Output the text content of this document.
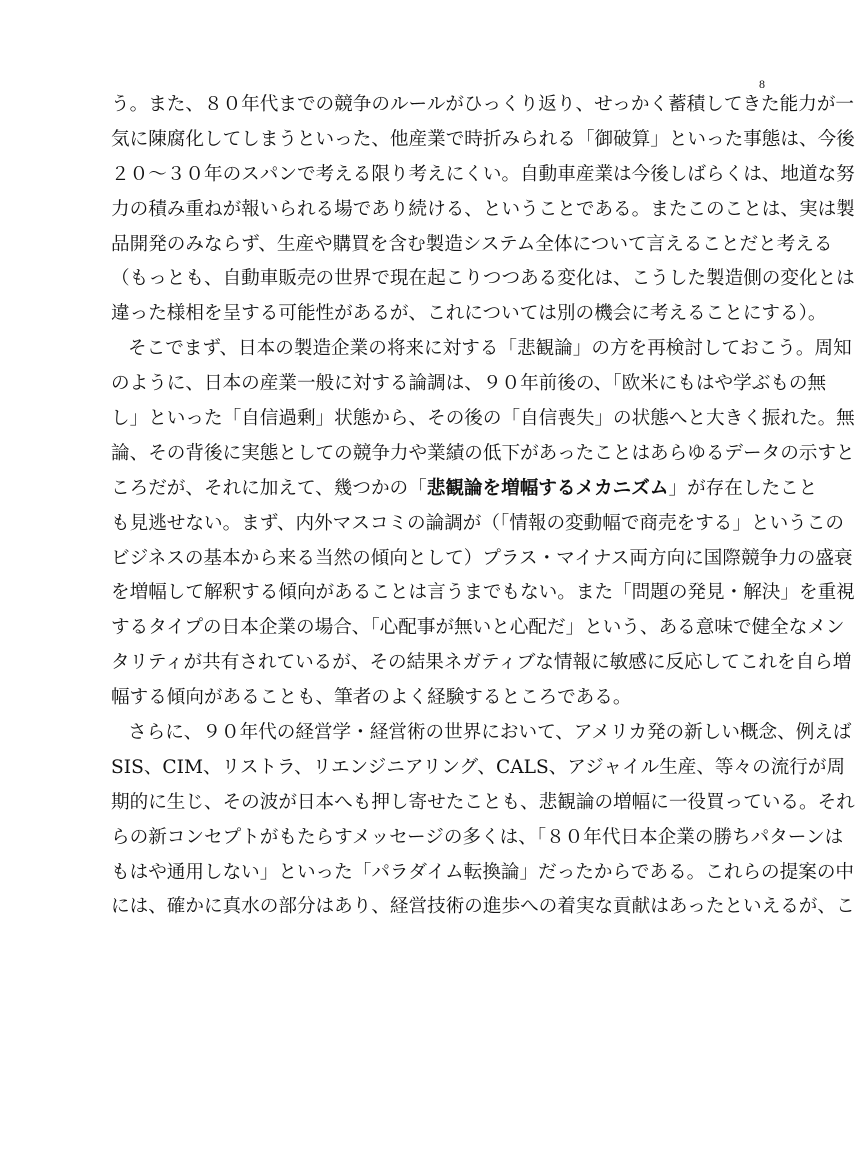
8
う。また、８０年代までの競争のルールがひっくり返り、せっかく蓄積してきた能力が一
気に陳腐化してしまうといった、他産業で時折みられる「御破算」といった事態は、今後
２０～３０年のスパンで考える限り考えにくい。自動車産業は今後しばらくは、地道な努
力の積み重ねが報いられる場であり続ける、ということである。またこのことは、実は製
品開発のみならず、生産や購買を含む製造システム全体について言えることだと考える
（もっとも、自動車販売の世界で現在起こりつつある変化は、こうした製造側の変化とは
違った様相を呈する可能性があるが、これについては別の機会に考えることにする）。
そこでまず、日本の製造企業の将来に対する「悲観論」の方を再検討しておこう。周知
のように、日本の産業一般に対する論調は、９０年前後の、「欧米にもはや学ぶもの無
し」といった「自信過剰」状態から、その後の「自信喪失」の状態へと大きく振れた。無
論、その背後に実態としての競争力や業績の低下があったことはあらゆるデータの示すと
ころだが、それに加えて、幾つかの「悲観論を増幅するメカニズム」が存在したこと
も見逃せない。まず、内外マスコミの論調が（「情報の変動幅で商売をする」というこの
ビジネスの基本から来る当然の傾向として）プラス・マイナス両方向に国際競争力の盛衰
を増幅して解釈する傾向があることは言うまでもない。また「問題の発見・解決」を重視
するタイプの日本企業の場合、「心配事が無いと心配だ」という、ある意味で健全なメン
タリティが共有されているが、その結果ネガティブな情報に敏感に反応してこれを自ら増
幅する傾向があることも、筆者のよく経験するところである。
さらに、９０年代の経営学・経営術の世界において、アメリカ発の新しい概念、例えば
SIS、CIM、リストラ、リエンジニアリング、CALS、アジャイル生産、等々の流行が周
期的に生じ、その波が日本へも押し寄せたことも、悲観論の増幅に一役買っている。それ
らの新コンセプトがもたらすメッセージの多くは、「８０年代日本企業の勝ちパターンは
もはや通用しない」といった「パラダイム転換論」だったからである。これらの提案の中
には、確かに真水の部分はあり、経営技術の進歩への着実な貢献はあったといえるが、こ
